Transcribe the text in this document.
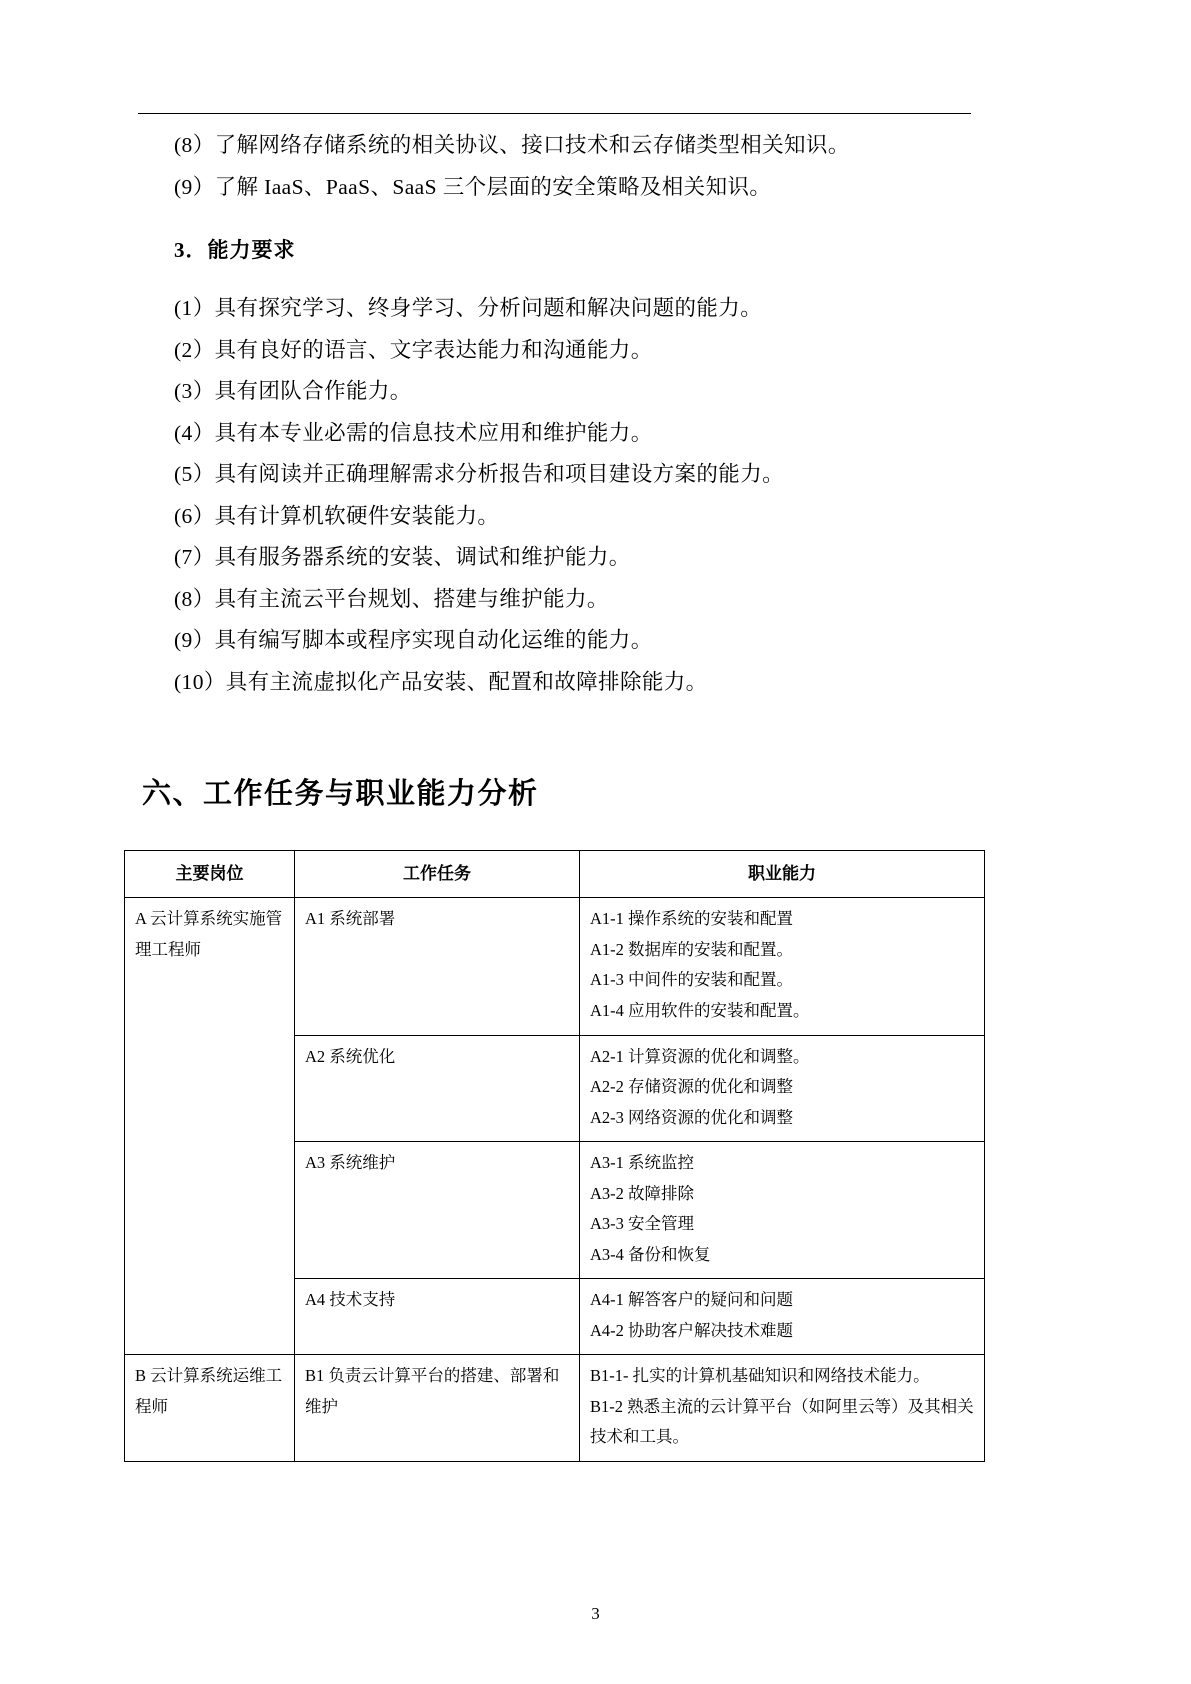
(8）了解网络存储系统的相关协议、接口技术和云存储类型相关知识。

(9）了解 IaaS、PaaS、SaaS 三个层面的安全策略及相关知识。

3．能力要求

(1）具有探究学习、终身学习、分析问题和解决问题的能力。

(2）具有良好的语言、文字表达能力和沟通能力。

(3）具有团队合作能力。

(4）具有本专业必需的信息技术应用和维护能力。

(5）具有阅读并正确理解需求分析报告和项目建设方案的能力。

(6）具有计算机软硬件安装能力。

(7）具有服务器系统的安装、调试和维护能力。

(8）具有主流云平台规划、搭建与维护能力。

(9）具有编写脚本或程序实现自动化运维的能力。

(10）具有主流虚拟化产品安装、配置和故障排除能力。

六、工作任务与职业能力分析
主要岗位	工作任务	职业能力
A 云计算系统实施管理工程师	A1 系统部署	A1-1 操作系统的安装和配置
A1-2 数据库的安装和配置。
A1-3 中间件的安装和配置。
A1-4 应用软件的安装和配置。

	A2 系统优化	A2-1 计算资源的优化和调整。
A2-2 存储资源的优化和调整
A2-3 网络资源的优化和调整

	A3 系统维护	A3-1 系统监控
A3-2 故障排除
A3-3 安全管理
A3-4 备份和恢复

	A4 技术支持	A4-1 解答客户的疑问和问题
A4-2 协助客户解决技术难题

B 云计算系统运维工程师	B1 负责云计算平台的搭建、部署和维护	B1-1- 扎实的计算机基础知识和网络技术能力。
B1-2 熟悉主流的云计算平台（如阿里云等）及其相关技术和工具。
3
